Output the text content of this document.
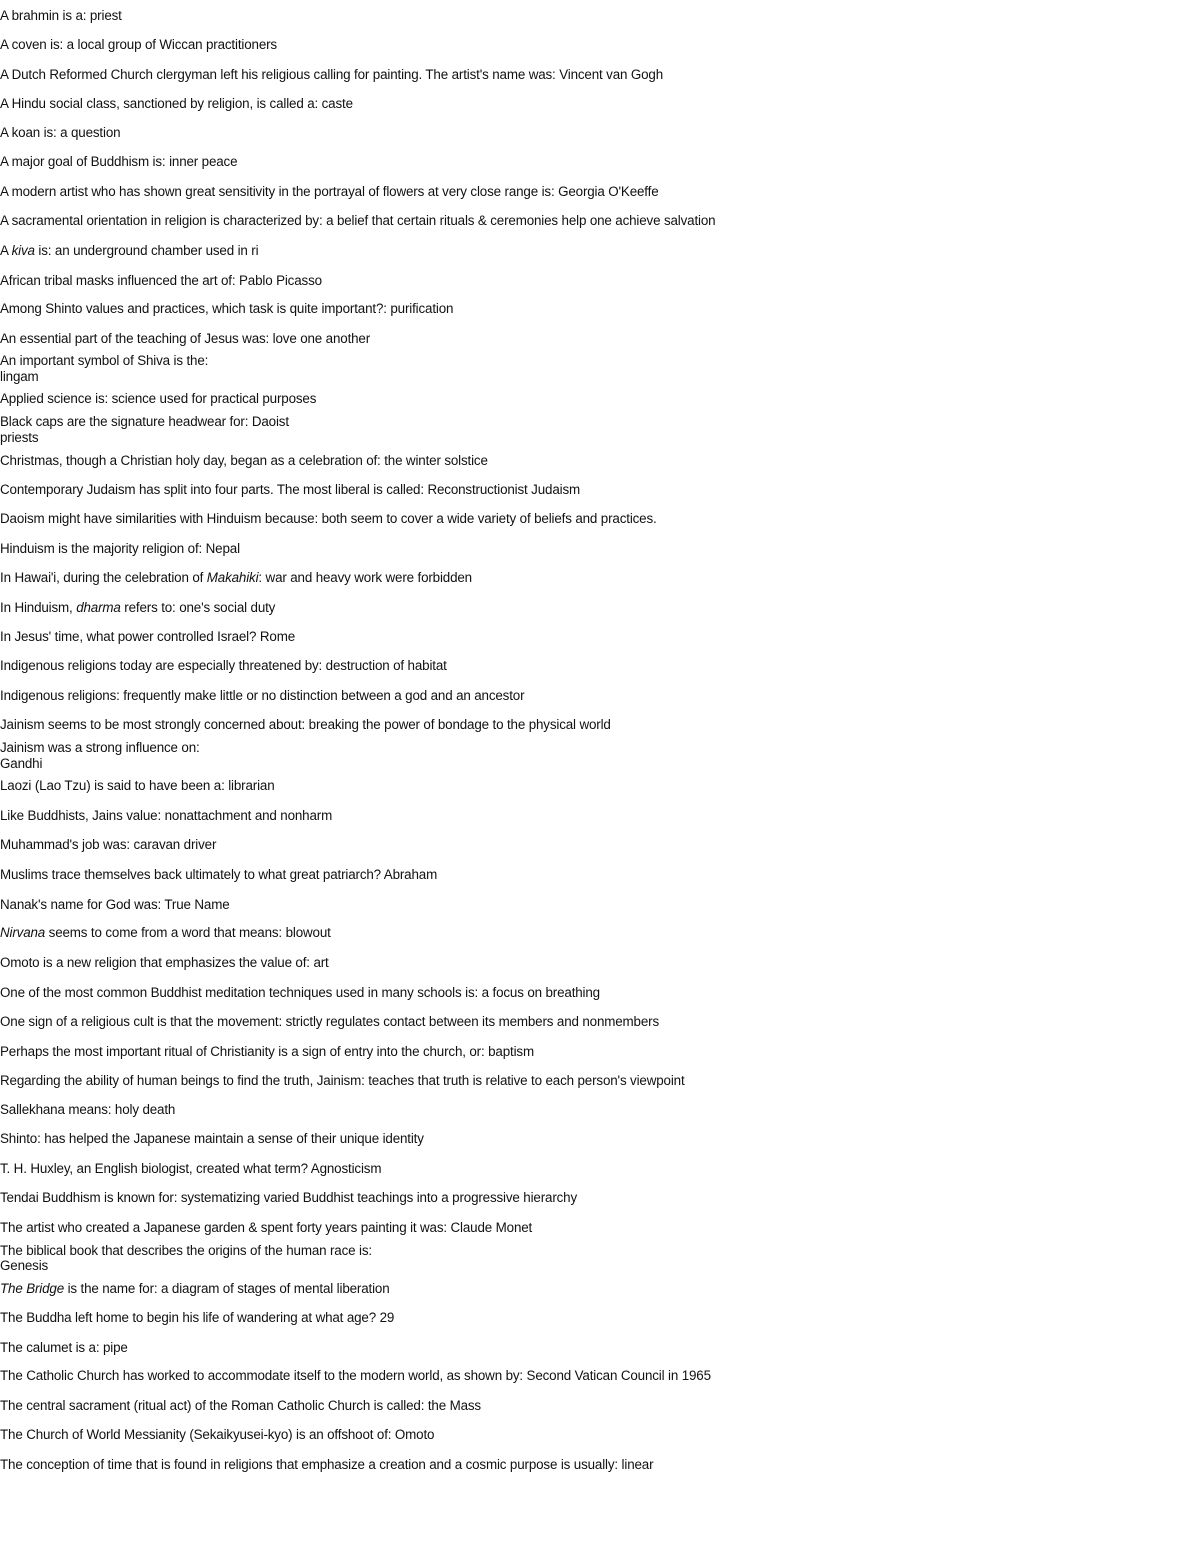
A brahmin is a: priest

A coven is: a local group of Wiccan practitioners

A Dutch Reformed Church clergyman left his religious calling for painting. The artist's name was: Vincent van Gogh

A Hindu social class, sanctioned by religion, is called a: caste

A koan is: a question

A major goal of Buddhism is: inner peace

A modern artist who has shown great sensitivity in the portrayal of flowers at very close range is: Georgia O'Keeffe

A sacramental orientation in religion is characterized by: a belief that certain rituals & ceremonies help one achieve salvation

A kiva is: an underground chamber used in ri

African tribal masks influenced the art of: Pablo Picasso

Among Shinto values and practices, which task is quite important?: purification

An essential part of the teaching of Jesus was: love one another

An important symbol of Shiva is the:

lingam

Applied science is: science used for practical purposes

Black caps are the signature headwear for: Daoist

priests

Christmas, though a Christian holy day, began as a celebration of: the winter solstice

Contemporary Judaism has split into four parts. The most liberal is called: Reconstructionist Judaism

Daoism might have similarities with Hinduism because: both seem to cover a wide variety of beliefs and practices.

Hinduism is the majority religion of: Nepal

In Hawai'i, during the celebration of Makahiki: war and heavy work were forbidden

In Hinduism, dharma refers to: one's social duty

In Jesus' time, what power controlled Israel? Rome

Indigenous religions today are especially threatened by: destruction of habitat

Indigenous religions: frequently make little or no distinction between a god and an ancestor

Jainism seems to be most strongly concerned about: breaking the power of bondage to the physical world

Jainism was a strong influence on:

Gandhi

Laozi (Lao Tzu) is said to have been a: librarian

Like Buddhists, Jains value: nonattachment and nonharm

Muhammad's job was: caravan driver

Muslims trace themselves back ultimately to what great patriarch? Abraham

Nanak's name for God was: True Name

Nirvana seems to come from a word that means: blowout

Omoto is a new religion that emphasizes the value of: art

One of the most common Buddhist meditation techniques used in many schools is: a focus on breathing

One sign of a religious cult is that the movement: strictly regulates contact between its members and nonmembers

Perhaps the most important ritual of Christianity is a sign of entry into the church, or: baptism

Regarding the ability of human beings to find the truth, Jainism: teaches that truth is relative to each person's viewpoint

Sallekhana means: holy death

Shinto: has helped the Japanese maintain a sense of their unique identity

T. H. Huxley, an English biologist, created what term? Agnosticism

Tendai Buddhism is known for: systematizing varied Buddhist teachings into a progressive hierarchy

The artist who created a Japanese garden & spent forty years painting it was: Claude Monet

The biblical book that describes the origins of the human race is:

Genesis

The Bridge is the name for: a diagram of stages of mental liberation

The Buddha left home to begin his life of wandering at what age? 29

The calumet is a: pipe

The Catholic Church has worked to accommodate itself to the modern world, as shown by: Second Vatican Council in 1965

The central sacrament (ritual act) of the Roman Catholic Church is called: the Mass

The Church of World Messianity (Sekaikyusei-kyo) is an offshoot of: Omoto

The conception of time that is found in religions that emphasize a creation and a cosmic purpose is usually: linear
